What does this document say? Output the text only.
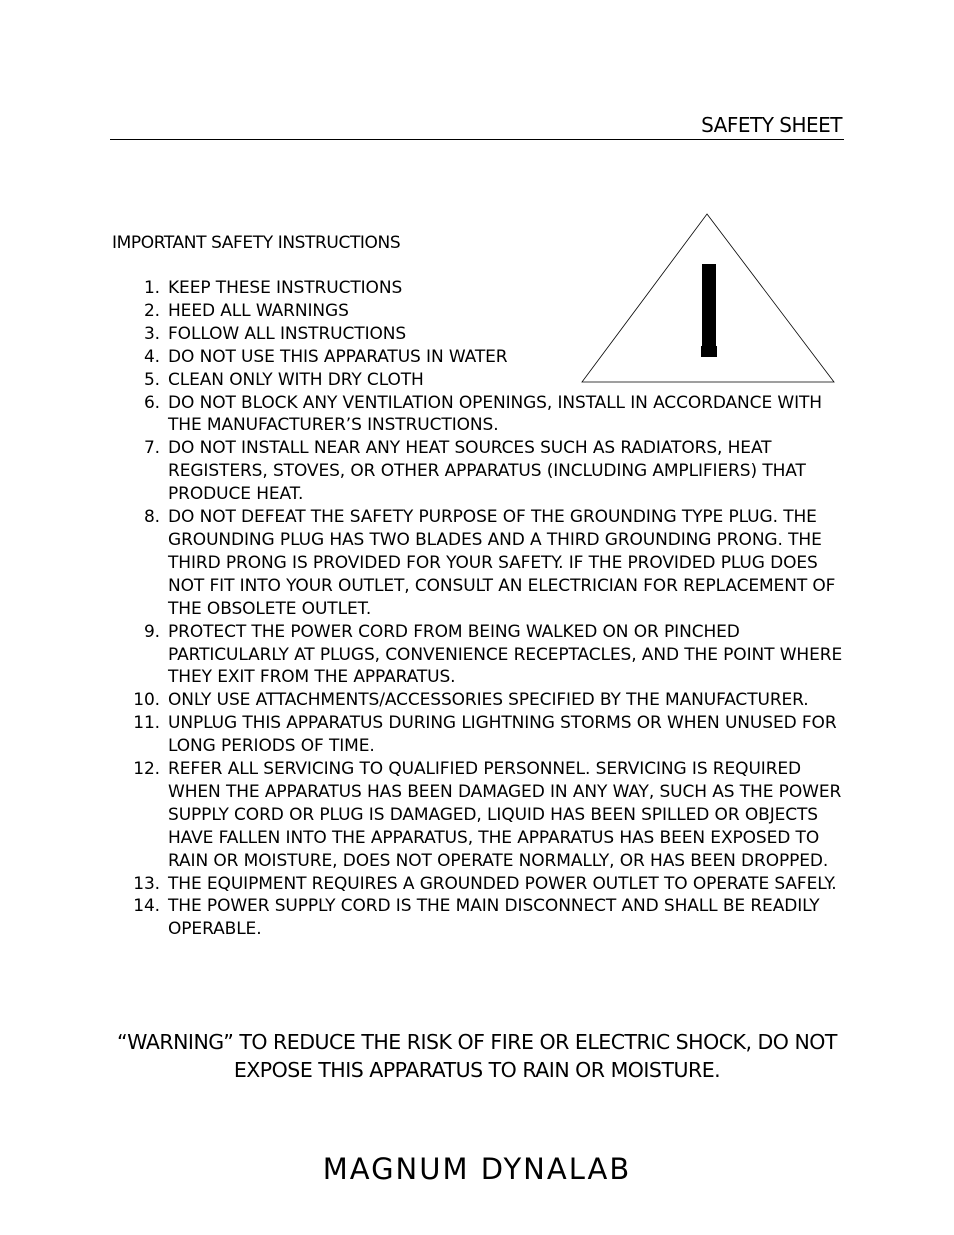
SAFETY SHEET
IMPORTANT SAFETY INSTRUCTIONS
1. KEEP THESE INSTRUCTIONS
2. HEED ALL WARNINGS
3. FOLLOW ALL INSTRUCTIONS
4. DO NOT USE THIS APPARATUS IN WATER
5. CLEAN ONLY WITH DRY CLOTH
6. DO NOT BLOCK ANY VENTILATION OPENINGS, INSTALL IN ACCORDANCE WITH THE MANUFACTURER’S INSTRUCTIONS.
7. DO NOT INSTALL NEAR ANY HEAT SOURCES SUCH AS RADIATORS, HEAT REGISTERS, STOVES, OR OTHER APPARATUS (INCLUDING AMPLIFIERS) THAT PRODUCE HEAT.
8. DO NOT DEFEAT THE SAFETY PURPOSE OF THE GROUNDING TYPE PLUG. THE GROUNDING PLUG HAS TWO BLADES AND A THIRD GROUNDING PRONG. THE THIRD PRONG IS PROVIDED FOR YOUR SAFETY. IF THE PROVIDED PLUG DOES NOT FIT INTO YOUR OUTLET, CONSULT AN ELECTRICIAN FOR REPLACEMENT OF THE OBSOLETE OUTLET.
9. PROTECT THE POWER CORD FROM BEING WALKED ON OR PINCHED PARTICULARLY AT PLUGS, CONVENIENCE RECEPTACLES, AND THE POINT WHERE THEY EXIT FROM THE APPARATUS.
10. ONLY USE ATTACHMENTS/ACCESSORIES SPECIFIED BY THE MANUFACTURER.
11. UNPLUG THIS APPARATUS DURING LIGHTNING STORMS OR WHEN UNUSED FOR LONG PERIODS OF TIME.
12. REFER ALL SERVICING TO QUALIFIED PERSONNEL. SERVICING IS REQUIRED WHEN THE APPARATUS HAS BEEN DAMAGED IN ANY WAY, SUCH AS THE POWER SUPPLY CORD OR PLUG IS DAMAGED, LIQUID HAS BEEN SPILLED OR OBJECTS HAVE FALLEN INTO THE APPARATUS, THE APPARATUS HAS BEEN EXPOSED TO RAIN OR MOISTURE, DOES NOT OPERATE NORMALLY, OR HAS BEEN DROPPED.
13. THE EQUIPMENT REQUIRES A GROUNDED POWER OUTLET TO OPERATE SAFELY.
14. THE POWER SUPPLY CORD IS THE MAIN DISCONNECT AND SHALL BE READILY OPERABLE.
“WARNING” TO REDUCE THE RISK OF FIRE OR ELECTRIC SHOCK, DO NOT EXPOSE THIS APPARATUS TO RAIN OR MOISTURE.
MAGNUM DYNALAB
